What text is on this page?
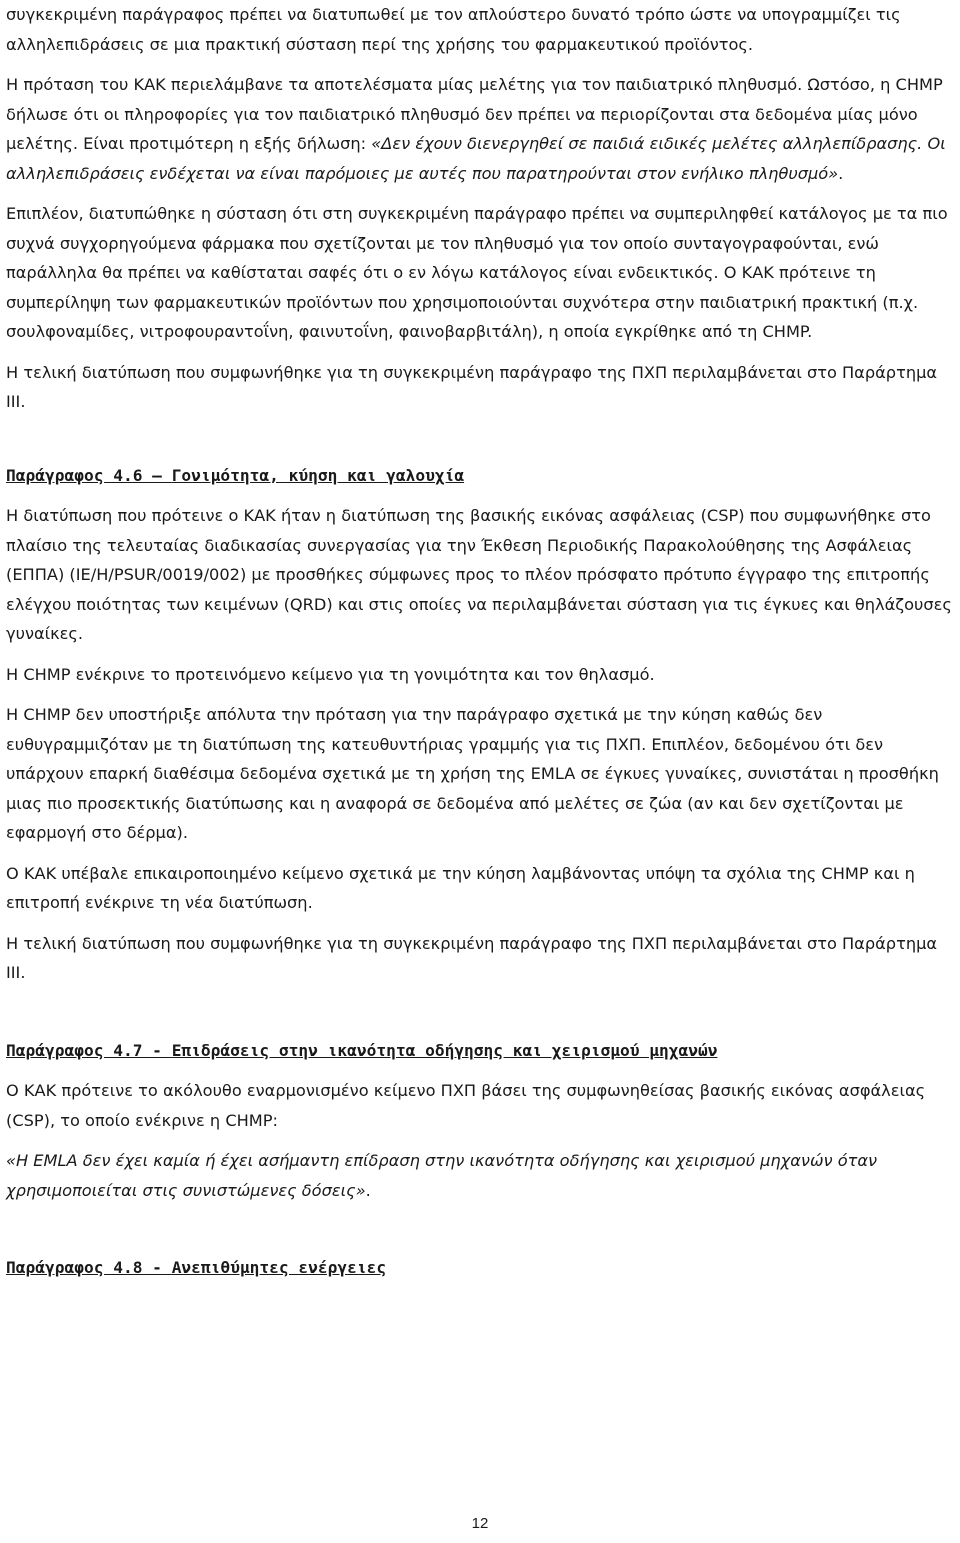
συγκεκριμένη παράγραφος πρέπει να διατυπωθεί με τον απλούστερο δυνατό τρόπο ώστε να υπογραμμίζει τις αλληλεπιδράσεις σε μια πρακτική σύσταση περί της χρήσης του φαρμακευτικού προϊόντος.

Η πρόταση του ΚΑΚ περιελάμβανε τα αποτελέσματα μίας μελέτης για τον παιδιατρικό πληθυσμό. Ωστόσο, η CHMP δήλωσε ότι οι πληροφορίες για τον παιδιατρικό πληθυσμό δεν πρέπει να περιορίζονται στα δεδομένα μίας μόνο μελέτης. Είναι προτιμότερη η εξής δήλωση: «Δεν έχουν διενεργηθεί σε παιδιά ειδικές μελέτες αλληλεπίδρασης. Οι αλληλεπιδράσεις ενδέχεται να είναι παρόμοιες με αυτές που παρατηρούνται στον ενήλικο πληθυσμό».

Επιπλέον, διατυπώθηκε η σύσταση ότι στη συγκεκριμένη παράγραφο πρέπει να συμπεριληφθεί κατάλογος με τα πιο συχνά συγχορηγούμενα φάρμακα που σχετίζονται με τον πληθυσμό για τον οποίο συνταγογραφούνται, ενώ παράλληλα θα πρέπει να καθίσταται σαφές ότι ο εν λόγω κατάλογος είναι ενδεικτικός. Ο ΚΑΚ πρότεινε τη συμπερίληψη των φαρμακευτικών προϊόντων που χρησιμοποιούνται συχνότερα στην παιδιατρική πρακτική (π.χ. σουλφοναμίδες, νιτροφουραντοΐνη, φαινυτοΐνη, φαινοβαρβιτάλη), η οποία εγκρίθηκε από τη CHMP.

Η τελική διατύπωση που συμφωνήθηκε για τη συγκεκριμένη παράγραφο της ΠΧΠ περιλαμβάνεται στο Παράρτημα ΙΙΙ.

Παράγραφος 4.6 – Γονιμότητα, κύηση και γαλουχία

Η διατύπωση που πρότεινε ο ΚΑΚ ήταν η διατύπωση της βασικής εικόνας ασφάλειας (CSP) που συμφωνήθηκε στο πλαίσιο της τελευταίας διαδικασίας συνεργασίας για την Έκθεση Περιοδικής Παρακολούθησης της Ασφάλειας (ΕΠΠΑ) (IE/H/PSUR/0019/002) με προσθήκες σύμφωνες προς το πλέον πρόσφατο πρότυπο έγγραφο της επιτροπής ελέγχου ποιότητας των κειμένων (QRD) και στις οποίες να περιλαμβάνεται σύσταση για τις έγκυες και θηλάζουσες γυναίκες.

Η CHMP ενέκρινε το προτεινόμενο κείμενο για τη γονιμότητα και τον θηλασμό.

Η CHMP δεν υποστήριξε απόλυτα την πρόταση για την παράγραφο σχετικά με την κύηση καθώς δεν ευθυγραμμιζόταν με τη διατύπωση της κατευθυντήριας γραμμής για τις ΠΧΠ. Επιπλέον, δεδομένου ότι δεν υπάρχουν επαρκή διαθέσιμα δεδομένα σχετικά με τη χρήση της EMLA σε έγκυες γυναίκες, συνιστάται η προσθήκη μιας πιο προσεκτικής διατύπωσης και η αναφορά σε δεδομένα από μελέτες σε ζώα (αν και δεν σχετίζονται με εφαρμογή στο δέρμα).

Ο ΚΑΚ υπέβαλε επικαιροποιημένο κείμενο σχετικά με την κύηση λαμβάνοντας υπόψη τα σχόλια της CHMP και η επιτροπή ενέκρινε τη νέα διατύπωση.

Η τελική διατύπωση που συμφωνήθηκε για τη συγκεκριμένη παράγραφο της ΠΧΠ περιλαμβάνεται στο Παράρτημα ΙΙΙ.

Παράγραφος 4.7 - Επιδράσεις στην ικανότητα οδήγησης και χειρισμού μηχανών

Ο ΚΑΚ πρότεινε το ακόλουθο εναρμονισμένο κείμενο ΠΧΠ βάσει της συμφωνηθείσας βασικής εικόνας ασφάλειας (CSP), το οποίο ενέκρινε η CHMP:

«Η EMLA δεν έχει καμία ή έχει ασήμαντη επίδραση στην ικανότητα οδήγησης και χειρισμού μηχανών όταν χρησιμοποιείται στις συνιστώμενες δόσεις».

Παράγραφος 4.8 - Ανεπιθύμητες ενέργειες

12
